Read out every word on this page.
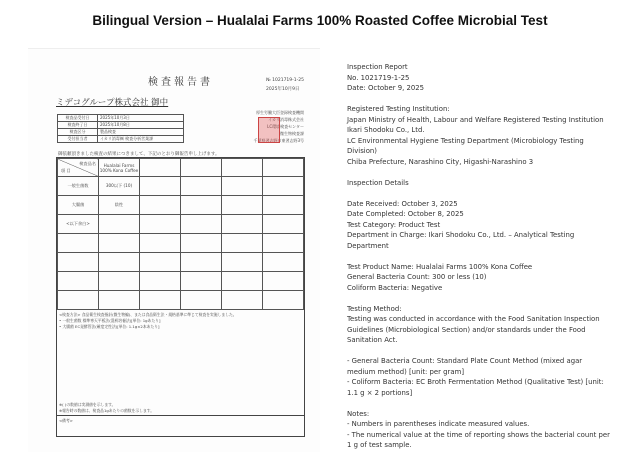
Bilingual Version – Hualalai Farms 100% Roasted Coffee Microbial Test
検査報告書	№ 1021719-1-25
2025年10月9日
ミデコグループ株式会社 御中
検査品受付日	2025年10月3日
検査終了日	2025年10月8日
検査区分	製品検査
受付担当者	イカリ消毒㈱ 検査分析営業課
厚生労働大臣登録検査機関
イカリ消毒株式会社
LC環境検査センター
微生物検査課
千葉県習志野市東習志野3号
御依頼頂きました検査の結果につきまして、下記のとおり御報告申し上げます。
検査品名
項 目	Hualalai Farms 100% Kona Coffee				
一般生菌数	300以下 (10)				
大腸菌	陰性				
<以下余白>					

<検査方法> 食品衛生検査指針(微生物編)、または食品衛生法・規格基準に準じて検査を実施しました。
• 一般生菌数 標準寒天平板法(混釈培養法)[単位: 1gあたり]
• 大腸菌 EC発酵管法(確度定性法)[単位: 1.1g×2本あたり]
※( )の数値は実測値を示します。
※報告時の数値は、検査品1gあたりの菌数を示します。
<備考>

Inspection Report

No. 1021719-1-25

Date: October 9, 2025

Registered Testing Institution:

Japan Ministry of Health, Labour and Welfare Registered Testing Institution

Ikari Shodoku Co., Ltd.

LC Environmental Hygiene Testing Department (Microbiology Testing

Division)

Chiba Prefecture, Narashino City, Higashi-Narashino 3

Inspection Details

Date Received: October 3, 2025

Date Completed: October 8, 2025

Test Category: Product Test

Department in Charge: Ikari Shodoku Co., Ltd. – Analytical Testing

Department

Test Product Name: Hualalai Farms 100% Kona Coffee

General Bacteria Count: 300 or less (10)

Coliform Bacteria: Negative

Testing Method:

Testing was conducted in accordance with the Food Sanitation Inspection

Guidelines (Microbiological Section) and/or standards under the Food

Sanitation Act.

- General Bacteria Count: Standard Plate Count Method (mixed agar

medium method) [unit: per gram]

- Coliform Bacteria: EC Broth Fermentation Method (Qualitative Test) [unit:

1.1 g × 2 portions]

Notes:

- Numbers in parentheses indicate measured values.

- The numerical value at the time of reporting shows the bacterial count per

1 g of test sample.
